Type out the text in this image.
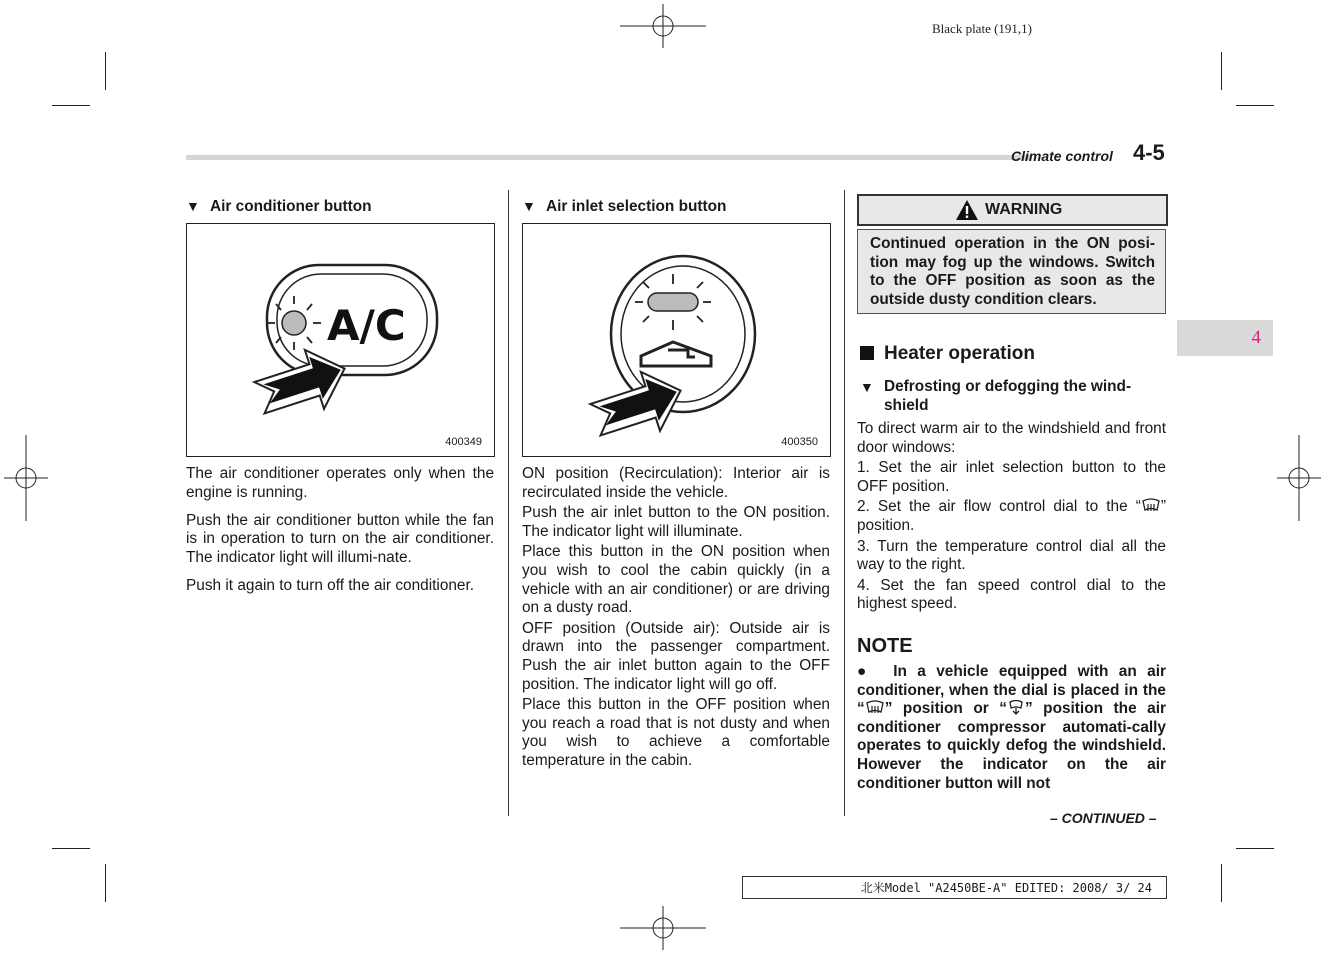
Black plate (191,1)
Climate control 4-5
4
▼ Air conditioner button
A/C
400349

The air conditioner operates only when the engine is running.

Push the air conditioner button while the fan is in operation to turn on the air conditioner. The indicator light will illumi-nate.

Push it again to turn off the air conditioner.

▼ Air inlet selection button
400350

ON position (Recirculation): Interior air is recirculated inside the vehicle.

Push the air inlet button to the ON position. The indicator light will illuminate.

Place this button in the ON position when you wish to cool the cabin quickly (in a vehicle with an air conditioner) or are driving on a dusty road.

OFF position (Outside air): Outside air is drawn into the passenger compartment. Push the air inlet button again to the OFF position. The indicator light will go off.

Place this button in the OFF position when you reach a road that is not dusty and when you wish to achieve a comfortable temperature in the cabin.

WARNING
Continued operation in the ON posi-tion may fog up the windows. Switch to the OFF position as soon as the outside dusty condition clears.
Heater operation
▼ Defrosting or defogging the wind-shield

To direct warm air to the windshield and front door windows:

1. Set the air inlet selection button to the OFF position.

2. Set the air flow control dial to the “ ” position.

3. Turn the temperature control dial all the way to the right.

4. Set the fan speed control dial to the highest speed.

NOTE
●  In a vehicle equipped with an air conditioner, when the dial is placed in the “ ” position or “ ” position the air conditioner compressor automati-cally operates to quickly defog the windshield. However the indicator on the air conditioner button will not
– CONTINUED –
北米Model "A2450BE-A" EDITED: 2008/ 3/ 24
